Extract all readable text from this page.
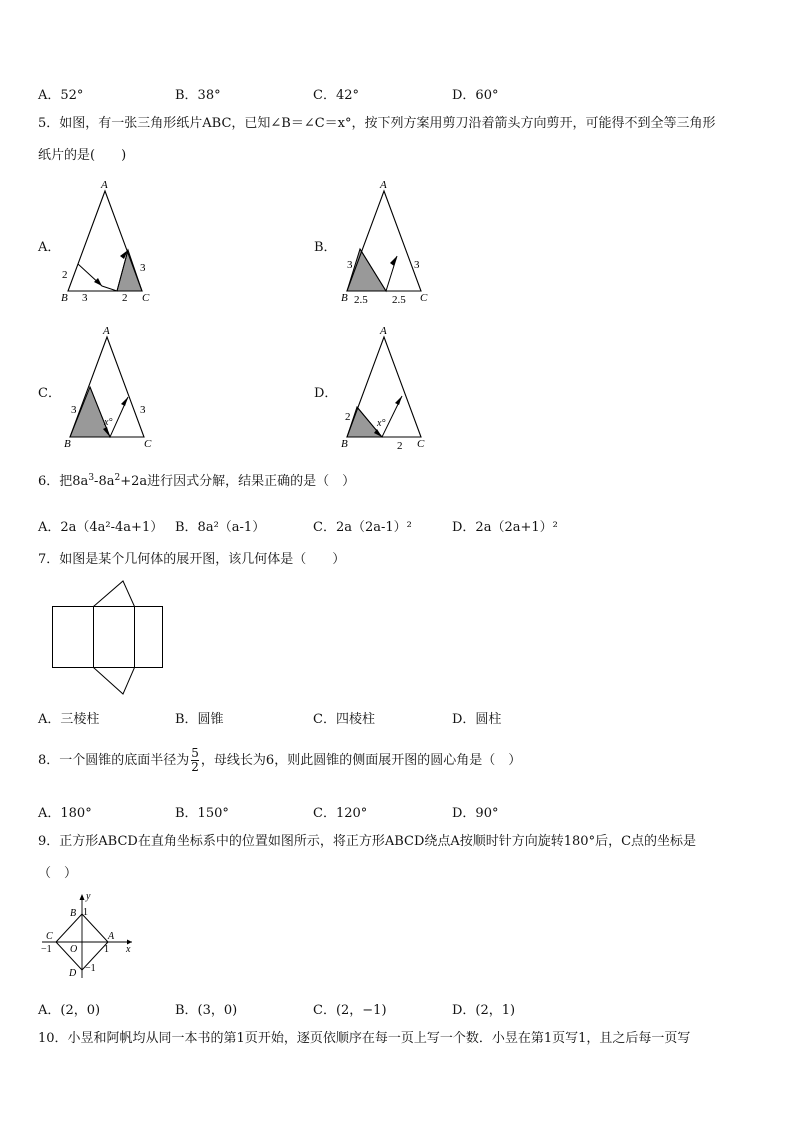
A．52°	B．38°	C．42°	D．60°
5．如图，有一张三角形纸片ABC，已知∠B＝∠C＝x°，按下列方案用剪刀沿着箭头方向剪开，可能得不到全等三角形
纸片的是(　　)
A．	B．
C．	D．
A
B	C
2
3	2
3
A
B	C
3
2.5 2.5
3
A
B	C
3
x°
3
A
B	C
2
x°
2
6．把$8a^3-8a^2+2a$进行因式分解，结果正确的是（　）
A．2a（4a²-4a+1） B．8a²（a-1）	C．2a（2a-1）²	D．2a（2a+1）²
7．如图是某个几何体的展开图，该几何体是（　　）
A．三棱柱	B．圆锥	C．四棱柱	D．圆柱
8．一个圆锥的底面半径为 $\frac{5}{2}$ ，母线长为6，则此圆锥的侧面展开图的圆心角是（　）
A．180°	B．150°	C．120°	D．90°
9．正方形ABCD在直角坐标系中的位置如图所示，将正方形ABCD绕点A按顺时针方向旋转180°后，C点的坐标是
（　）
y
x
B 1
C	A
−1 O	1
D −1
A．(2，0)	B．(3，0)	C．(2，−1)	D．(2，1)
10．小昱和阿帆均从同一本书的第1页开始，逐页依顺序在每一页上写一个数．小昱在第1页写1，且之后每一页写
